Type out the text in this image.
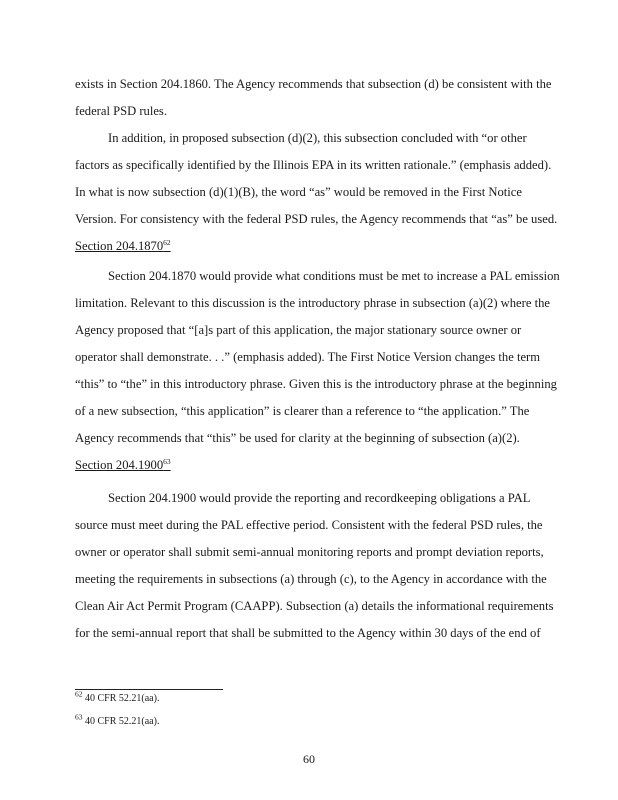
exists in Section 204.1860. The Agency recommends that subsection (d) be consistent with the
federal PSD rules.
In addition, in proposed subsection (d)(2), this subsection concluded with “or other
factors as specifically identified by the Illinois EPA in its written rationale.” (emphasis added).
In what is now subsection (d)(1)(B), the word “as” would be removed in the First Notice
Version. For consistency with the federal PSD rules, the Agency recommends that “as” be used.
Section 204.1870$^{62}$
Section 204.1870 would provide what conditions must be met to increase a PAL emission
limitation. Relevant to this discussion is the introductory phrase in subsection (a)(2) where the
Agency proposed that “[a]s part of this application, the major stationary source owner or
operator shall demonstrate. . .” (emphasis added). The First Notice Version changes the term
“this” to “the” in this introductory phrase. Given this is the introductory phrase at the beginning
of a new subsection, “this application” is clearer than a reference to “the application.” The
Agency recommends that “this” be used for clarity at the beginning of subsection (a)(2).
Section 204.1900$^{63}$
Section 204.1900 would provide the reporting and recordkeeping obligations a PAL
source must meet during the PAL effective period. Consistent with the federal PSD rules, the
owner or operator shall submit semi-annual monitoring reports and prompt deviation reports,
meeting the requirements in subsections (a) through (c), to the Agency in accordance with the
Clean Air Act Permit Program (CAAPP). Subsection (a) details the informational requirements
for the semi-annual report that shall be submitted to the Agency within 30 days of the end of
$^{62}$ 40 CFR 52.21(aa).
$^{63}$ 40 CFR 52.21(aa).
60
